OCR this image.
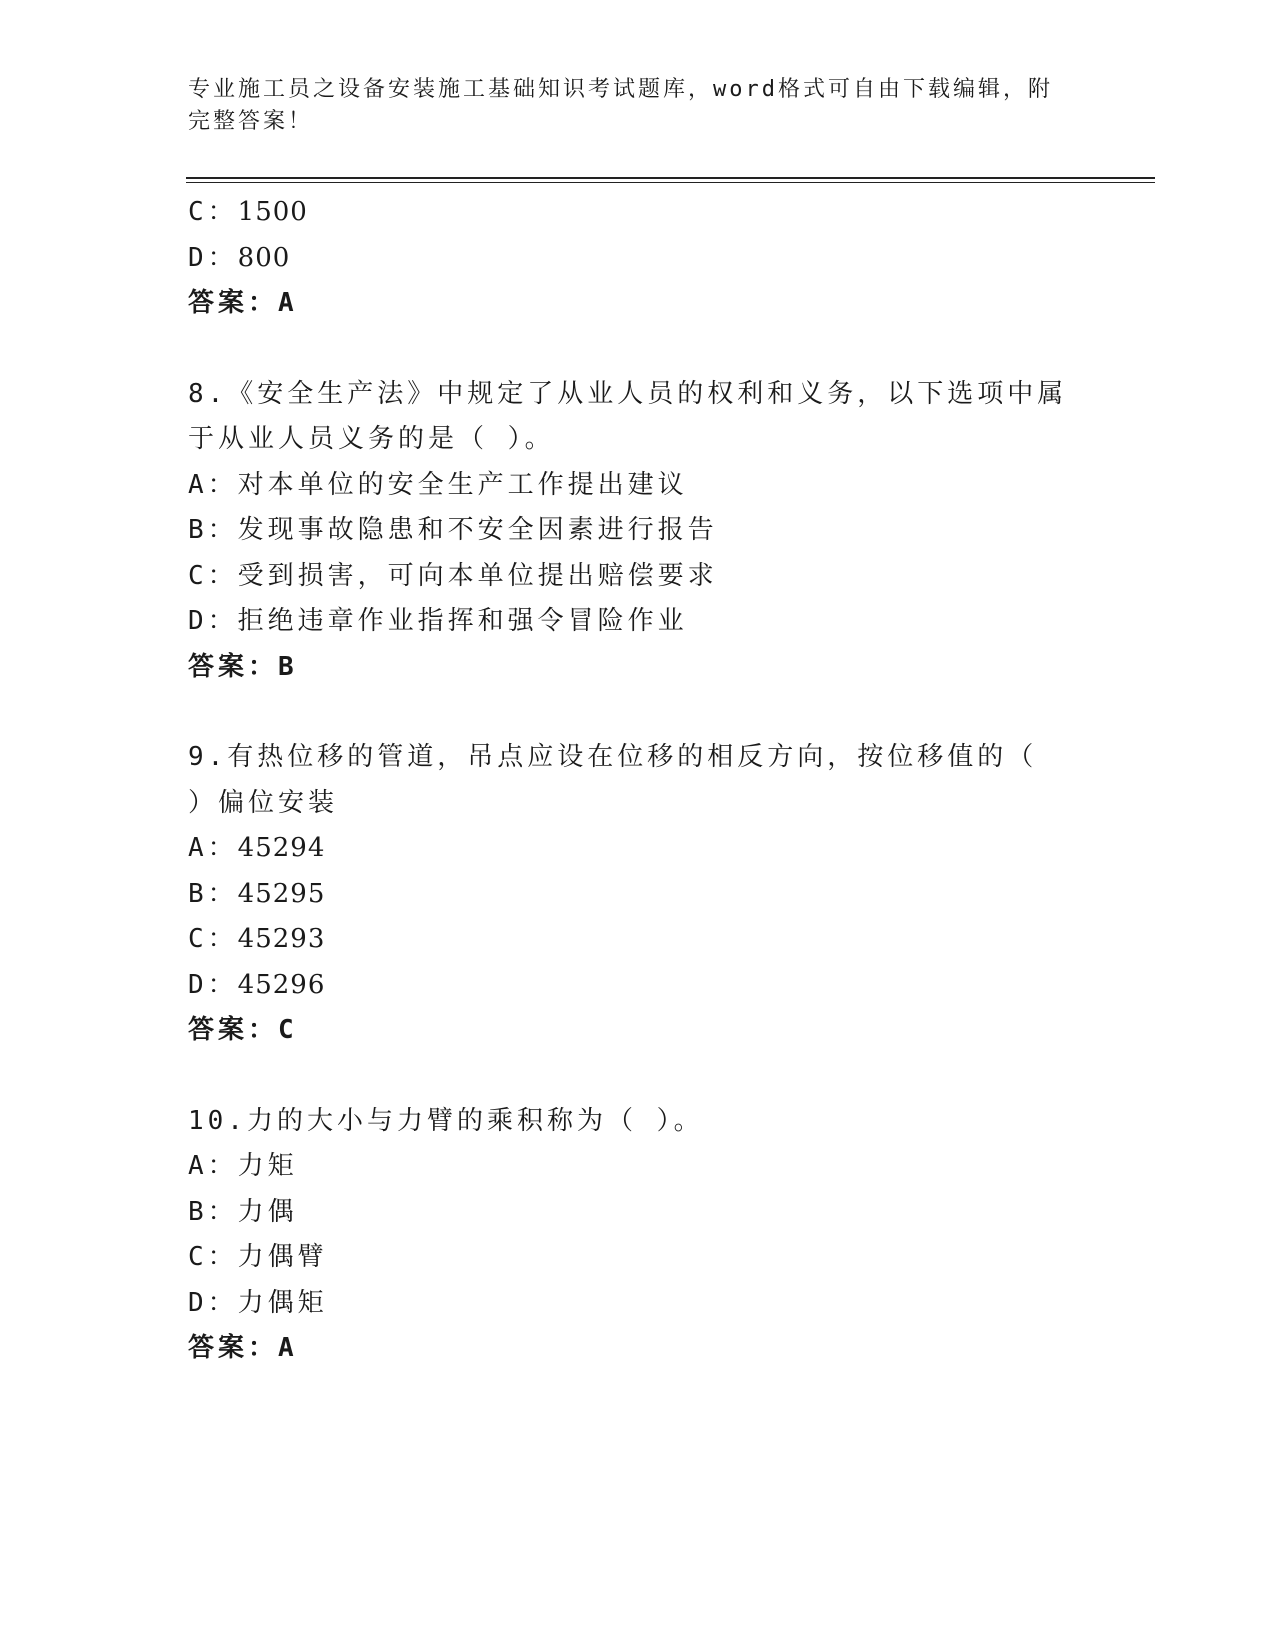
专业施工员之设备安装施工基础知识考试题库，word格式可自由下载编辑，附完整答案！
C：1500
D：800
答案：A
8.《安全生产法》中规定了从业人员的权利和义务，以下选项中属于从业人员义务的是（ ）。
A：对本单位的安全生产工作提出建议
B：发现事故隐患和不安全因素进行报告
C：受到损害，可向本单位提出赔偿要求
D：拒绝违章作业指挥和强令冒险作业
答案：B
9.有热位移的管道，吊点应设在位移的相反方向，按位移值的（ ）偏位安装
A：45294
B：45295
C：45293
D：45296
答案：C
10.力的大小与力臂的乘积称为（ ）。
A：力矩
B：力偶
C：力偶臂
D：力偶矩
答案：A
